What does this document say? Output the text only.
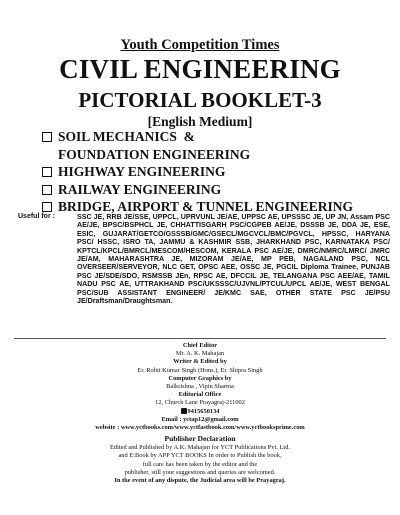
Youth Competition Times
CIVIL ENGINEERING
PICTORIAL BOOKLET-3
[English Medium]
SOIL MECHANICS  &
FOUNDATION ENGINEERING
HIGHWAY ENGINEERING
RAILWAY ENGINEERING
BRIDGE, AIRPORT & TUNNEL ENGINEERING
Useful for :	SSC JE, RRB JE/SSE, UPPCL, UPRVUNL JE/AE, UPPSC AE, UPSSSC JE, UP JN, Assam PSC AE/JE, BPSC/BSPHCL JE, CHHATTISGARH PSC/CGPEB AE/JE, DSSSB JE, DDA JE, ESE, ESIC, GUJARAT/GETCO/GSSSB/GMC/GSECL/MGCVCL/BMC/PGVCL, HPSSC, HARYANA PSC/ HSSC, ISRO TA, JAMMU & KASHMIR SSB, JHARKHAND PSC, KARNATAKA PSC/ KPTCL/KPCL/BMRCL/MESCOM/HESCOM, KERALA PSC AE/JE, DMRC/NMRC/LMRC/ JMRC JE/AM, MAHARASHTRA JE, MIZORAM JE/AE, MP PEB, NAGALAND PSC, NCL OVERSEER/SERVEYOR, NLC GET, OPSC AEE, OSSC JE, PGCIL Diploma Trainee, PUNJAB PSC JE/SDE/SDO, RSMSSB JEn, RPSC AE, DFCCIL JE, TELANGANA PSC AEE/AE, TAMIL NADU PSC AE, UTTRAKHAND PSC/UKSSSC/UJVNL/PTCUL/UPCL AE/JE, WEST BENGAL PSC/SUB ASSISTANT ENGINEER/ JE/KMC SAE, OTHER STATE PSC JE/PSU JE/Draftsman/Draughtsman.
Chief Editor
Mr. A. K. Mahajan
Writer & Edited by
Er. Rohit Kumar Singh (Hons.), Er. Shipra Singh
Computer Graphics by
Balkrishna , Vipin Sharma
Editorial Office
12, Church Lane Prayagraj-211002
9415650134
Email : yctap12@gmail.com
website : www.yctbooks.com/www.yctfastbook.com/www.yctbooksprime.com
Publisher Declaration
Edited and Published by A.K. Mahajan for YCT Publications Pvt. Ltd.
and E:Book by APP YCT BOOKS In order to Publish the book,
full care has been taken by the editor and the
publisher, still your suggestions and queries are welcomed.
In the event of any dispute, the Judicial area will be Prayagraj.
